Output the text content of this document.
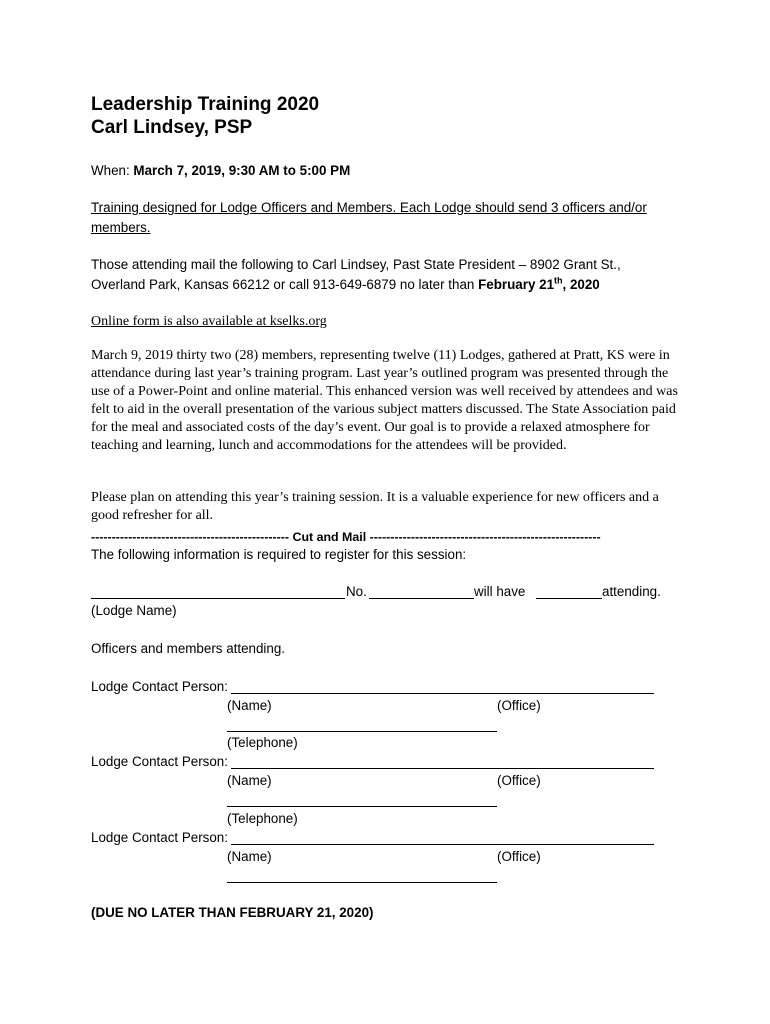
Leadership Training 2020
Carl Lindsey, PSP

When: March 7, 2019, 9:30 AM to 5:00 PM

Training designed for Lodge Officers and Members. Each Lodge should send 3 officers and/or members.

Those attending mail the following to Carl Lindsey, Past State President – 8902 Grant St.,

Overland Park, Kansas 66212 or call 913-649-6879 no later than February 21th, 2020

Online form is also available at kselks.org

March 9, 2019 thirty two (28) members, representing twelve (11) Lodges, gathered at Pratt, KS were in attendance during last year’s training program. Last year’s outlined program was presented through the use of a Power-Point and online material. This enhanced version was well received by attendees and was felt to aid in the overall presentation of the various subject matters discussed. The State Association paid for the meal and associated costs of the day’s event. Our goal is to provide a relaxed atmosphere for teaching and learning, lunch and accommodations for the attendees will be provided.

Please plan on attending this year’s training session. It is a valuable experience for new officers and a good refresher for all.

------------------------------------------------ Cut and Mail --------------------------------------------------------

The following information is required to register for this session:

No.	will have	attending.

(Lodge Name)

Officers and members attending.

Lodge Contact Person:
(Name)	(Office)
(Telephone)
Lodge Contact Person:
(Name)	(Office)
(Telephone)
Lodge Contact Person:
(Name)	(Office)

(DUE NO LATER THAN FEBRUARY 21, 2020)
